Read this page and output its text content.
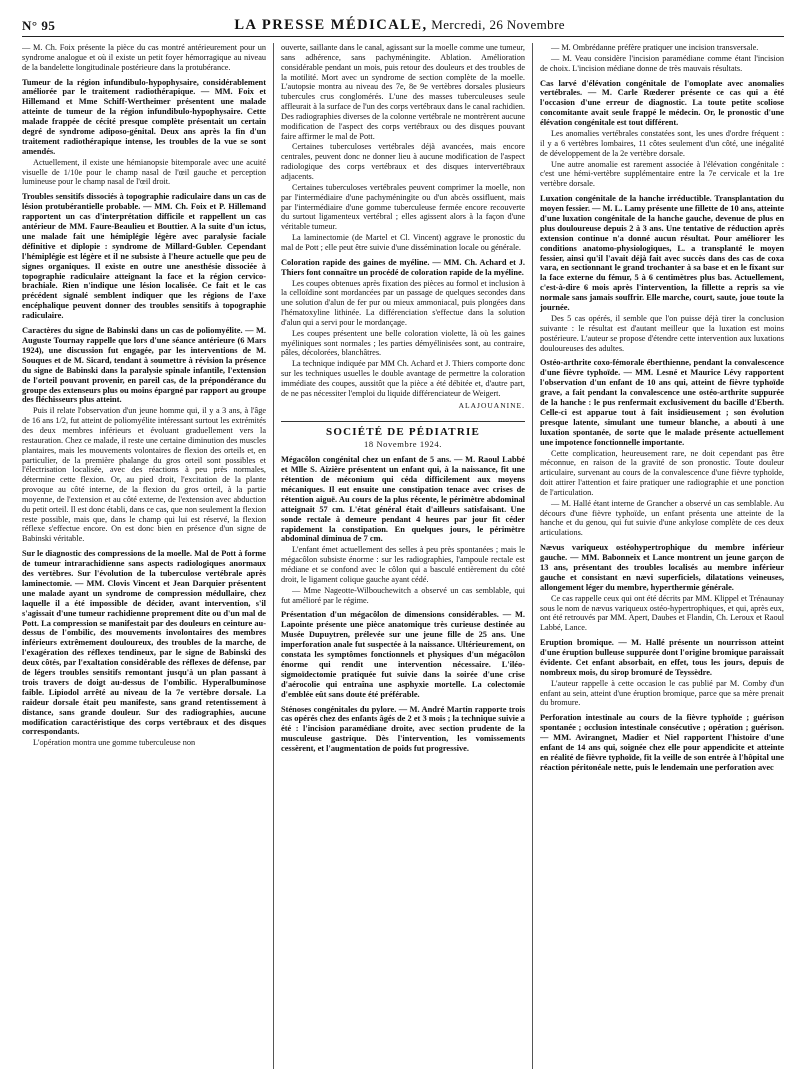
N° 95	LA PRESSE MÉDICALE, Mercredi, 26 Novembre

— M. Ch. Foix présente la pièce du cas montré antérieurement pour un syndrome analogue et où il existe un petit foyer hémorragique au niveau de la bandelette longitudinale postérieure dans la protubérance.

Tumeur de la région infundibulo-hypophysaire, considérablement améliorée par le traitement radiothérapique. — MM. Foix et Hillemand et Mme Schiff-Wertheimer présentent une malade atteinte de tumeur de la région infundibulo-hypophysaire. Cette malade frappée de cécité presque complète présentait un certain degré de syndrome adiposo-génital. Deux ans après la fin d'un traitement radiothérapique intense, les troubles de la vue se sont amendés.

Actuellement, il existe une hémianopsie bitemporale avec une acuité visuelle de 1/10e pour le champ nasal de l'œil gauche et perception lumineuse pour le champ nasal de l'œil droit.

Troubles sensitifs dissociés à topographie radiculaire dans un cas de lésion protubérantielle probable. — MM. Ch. Foix et P. Hillemand rapportent un cas d'interprétation difficile et rappellent un cas antérieur de MM. Faure-Beaulieu et Bouttier. A la suite d'un ictus, une malade fait une hémiplégie légère avec paralysie faciale définitive et diplopie : syndrome de Millard-Gubler. Cependant l'hémiplégie est légère et il ne subsiste à l'heure actuelle que peu de signes organiques. Il existe en outre une anesthésie dissociée à topographie radiculaire atteignant la face et la région cervico-brachiale. Rien n'indique une lésion localisée. Ce fait et le cas précédent signalé semblent indiquer que les régions de l'axe encéphalique peuvent donner des troubles sensitifs à topographie radiculaire.
Caractères du signe de Babinski dans un cas de poliomyélite. — M. Auguste Tournay rappelle que lors d'une séance antérieure (6 Mars 1924), une discussion fut engagée, par les interventions de M. Souques et de M. Sicard, tendant à soumettre à révision la présence du signe de Babinski dans la paralysie spinale infantile, l'extension de l'orteil pouvant provenir, en pareil cas, de la prépondérance du groupe des extenseurs plus ou moins épargné par rapport au groupe des fléchisseurs plus atteint.

Puis il relate l'observation d'un jeune homme qui, il y a 3 ans, à l'âge de 16 ans 1/2, fut atteint de poliomyélite intéressant surtout les extrémités des deux membres inférieurs et évoluant graduellement vers la restauration. Chez ce malade, il reste une certaine diminution des muscles plantaires, mais les mouvements volontaires de flexion des orteils et, en particulier, de la première phalange du gros orteil sont possibles et l'électrisation localisée, avec des réactions à peu près normales, détermine cette flexion. Or, au pied droit, l'excitation de la plante provoque au côté interne, de la flexion du gros orteil, à la partie moyenne, de l'extension et au côté externe, de l'extension avec abduction du petit orteil. Il est donc établi, dans ce cas, que non seulement la flexion reste possible, mais que, dans le champ qui lui est réservé, la flexion réflexe s'effectue encore. On est donc bien en présence d'un signe de Babinski véritable.

Sur le diagnostic des compressions de la moelle. Mal de Pott à forme de tumeur intrarachidienne sans aspects radiologiques anormaux des vertèbres. Sur l'évolution de la tuberculose vertébrale après laminectomie. — MM. Clovis Vincent et Jean Darquier présentent une malade ayant un syndrome de compression médullaire, chez laquelle il a été impossible de décider, avant intervention, s'il s'agissait d'une tumeur rachidienne proprement dite ou d'un mal de Pott. La compression se manifestait par des douleurs en ceinture au-dessus de l'ombilic, des mouvements involontaires des membres inférieurs extrêmement douloureux, des troubles de la marche, de l'exagération des réflexes tendineux, par le signe de Babinski des deux côtés, par l'exaltation considérable des réflexes de défense, par de légers troubles sensitifs remontant jusqu'à un plan passant à trois travers de doigt au-dessus de l'ombilic. Hyperalbuminose faible. Lipiodol arrêté au niveau de la 7e vertèbre dorsale. La raideur dorsale était peu manifeste, sans grand retentissement à distance, sans grande douleur. Sur des radiographies, aucune modification caractéristique des corps vertébraux et des disques correspondants.

L'opération montra une gomme tuberculeuse non

ouverte, saillante dans le canal, agissant sur la moelle comme une tumeur, sans adhérence, sans pachyméningite. Ablation. Amélioration considérable pendant un mois, puis retour des douleurs et des troubles de la motilité. Mort avec un syndrome de section complète de la moelle. L'autopsie montra au niveau des 7e, 8e 9e vertèbres dorsales plusieurs tubercules crus conglomérés. L'une des masses tuberculeuses seule affleurait à la surface de l'un des corps vertébraux dans le canal rachidien. Des radiographies diverses de la colonne vertébrale ne montrèrent aucune modification de l'aspect des corps vertébraux ou des disques pouvant faire affirmer le mal de Pott.

Certaines tuberculoses vertébrales déjà avancées, mais encore centrales, peuvent donc ne donner lieu à aucune modification de l'aspect radiologique des corps vertébraux et des disques intervertébraux adjacents.

Certaines tuberculoses vertébrales peuvent comprimer la moelle, non par l'intermédiaire d'une pachyméningite ou d'un abcès ossifluent, mais par l'intermédiaire d'une gomme tuberculeuse fermée encore recouverte du surtout ligamenteux vertébral ; elles agissent alors à la façon d'une véritable tumeur.

La laminectomie (de Martel et Cl. Vincent) aggrave le pronostic du mal de Pott ; elle peut être suivie d'une dissémination locale ou générale.

Coloration rapide des gaines de myéline. — MM. Ch. Achard et J. Thiers font connaître un procédé de coloration rapide de la myéline.

Les coupes obtenues après fixation des pièces au formol et inclusion à la celloïdine sont mordancées par un passage de quelques secondes dans une solution d'alun de fer pur ou mieux ammoniacal, puis plongées dans l'hématoxyline lithinée. La différenciation s'effectue dans la solution d'alun qui a servi pour le mordançage.

Les coupes présentent une belle coloration violette, là où les gaines myéliniques sont normales ; les parties démyélinisées sont, au contraire, pâles, décolorées, blanchâtres.

La technique indiquée par MM Ch. Achard et J. Thiers comporte donc sur les techniques usuelles le double avantage de permettre la coloration immédiate des coupes, aussitôt que la pièce a été débitée et, d'autre part, de ne pas nécessiter l'emploi du liquide différenciateur de Weigert.

ALAJOUANINE.
SOCIÉTÉ DE PÉDIATRIE
18 Novembre 1924.
Mégacôlon congénital chez un enfant de 5 ans. — M. Raoul Labbé et Mlle S. Aizière présentent un enfant qui, à la naissance, fit une rétention de méconium qui céda difficilement aux moyens mécaniques. Il eut ensuite une constipation tenace avec crises de rétention aiguë. Au cours de la plus récente, le périmètre abdominal atteignait 57 cm. L'état général était d'ailleurs satisfaisant. Une sonde rectale à demeure pendant 4 heures par jour fit céder rapidement la constipation. En quelques jours, le périmètre abdominal diminua de 7 cm.

L'enfant émet actuellement des selles à peu près spontanées ; mais le mégacôlon subsiste énorme : sur les radiographies, l'ampoule rectale est médiane et se confond avec le côlon qui a basculé entièrement du côté droit, le ligament colique gauche ayant cédé.

— Mme Nageotte-Wilbouchewitch a observé un cas semblable, qui fut amélioré par le régime.

Présentation d'un mégacôlon de dimensions considérables. — M. Lapointe présente une pièce anatomique très curieuse destinée au Musée Dupuytren, prélevée sur une jeune fille de 25 ans. Une imperforation anale fut suspectée à la naissance. Ultérieurement, on constata les symptômes fonctionnels et physiques d'un mégacôlon énorme qui rendit une intervention nécessaire. L'iléo-sigmoïdectomie pratiquée fut suivie dans la soirée d'une crise d'aérocolie qui entraîna une asphyxie mortelle. La colectomie d'emblée eût sans doute été préférable.
Sténoses congénitales du pylore. — M. André Martin rapporte trois cas opérés chez des enfants âgés de 2 et 3 mois ; la technique suivie a été : l'incision paramédiane droite, avec section prudente de la musculeuse gastrique. Dès l'intervention, les vomissements cessèrent, et l'augmentation de poids fut progressive.

— M. Ombrédanne préfère pratiquer une incision transversale.

— M. Veau considère l'incision paramédiane comme étant l'incision de choix. L'incision médiane donne de très mauvais résultats.

Cas larvé d'élévation congénitale de l'omoplate avec anomalies vertébrales. — M. Carle Rœderer présente ce cas qui a été l'occasion d'une erreur de diagnostic. La toute petite scoliose concomitante avait seule frappé le médecin. Or, le pronostic d'une élévation congénitale est tout différent.

Les anomalies vertébrales constatées sont, les unes d'ordre fréquent : il y a 6 vertèbres lombaires, 11 côtes seulement d'un côté, une inégalité de développement de la 2e vertèbre dorsale.

Une autre anomalie est rarement associée à l'élévation congénitale : c'est une hémi-vertèbre supplémentaire entre la 7e cervicale et la 1re vertèbre dorsale.

Luxation congénitale de la hanche irréductible. Transplantation du moyen fessier. — M. L. Lamy présente une fillette de 10 ans, atteinte d'une luxation congénitale de la hanche gauche, devenue de plus en plus douloureuse depuis 2 à 3 ans. Une tentative de réduction après extension continue n'a donné aucun résultat. Pour améliorer les conditions anatomo-physiologiques, L. a transplanté le moyen fessier, ainsi qu'il l'avait déjà fait avec succès dans des cas de coxa vara, en sectionnant le grand trochanter à sa base et en le fixant sur la face externe du fémur, 5 à 6 centimètres plus bas. Actuellement, c'est-à-dire 6 mois après l'intervention, la fillette a repris sa vie normale sans jamais souffrir. Elle marche, court, saute, joue toute la journée.

Des 5 cas opérés, il semble que l'on puisse déjà tirer la conclusion suivante : le résultat est d'autant meilleur que la luxation est moins postérieure. L'auteur se propose d'étendre cette intervention aux luxations douloureuses des adultes.

Ostéo-arthrite coxo-fémorale éberthienne, pendant la convalescence d'une fièvre typhoïde. — MM. Lesné et Maurice Lévy rapportent l'observation d'un enfant de 10 ans qui, atteint de fièvre typhoïde grave, a fait pendant la convalescence une ostéo-arthrite suppurée de la hanche : le pus renfermait exclusivement du bacille d'Eberth. Celle-ci est apparue tout à fait insidieusement ; son évolution presque latente, simulant une tumeur blanche, a abouti à une luxation spontanée, de sorte que le malade présente actuellement une impotence fonctionnelle importante.

Cette complication, heureusement rare, ne doit cependant pas être méconnue, en raison de la gravité de son pronostic. Toute douleur articulaire, survenant au cours de la convalescence d'une fièvre typhoïde, doit attirer l'attention et faire pratiquer une radiographie et une ponction de l'articulation.

— M. Hallé étant interne de Grancher a observé un cas semblable. Au décours d'une fièvre typhoïde, un enfant présenta une atteinte de la hanche et du genou, qui fut suivie d'une ankylose complète de ces deux articulations.

Nævus variqueux ostéohypertrophique du membre inférieur gauche. — MM. Babonneix et Lance montrent un jeune garçon de 13 ans, présentant des troubles localisés au membre inférieur gauche et consistant en nævi superficiels, dilatations veineuses, allongement léger du membre, hyperthermie générale.

Ce cas rappelle ceux qui ont été décrits par MM. Klippel et Trénaunay sous le nom de nævus variqueux ostéo-hypertrophiques, et qui, après eux, ont été retrouvés par MM. Apert, Daubes et Flandin, Ch. Leroux et Raoul Labbé, Lance.

Eruption bromique. — M. Hallé présente un nourrisson atteint d'une éruption bulleuse suppurée dont l'origine bromique paraissait évidente. Cet enfant absorbait, en effet, tous les jours, depuis de nombreux mois, du sirop bromuré de Teyssèdre.

L'auteur rappelle à cette occasion le cas publié par M. Comby d'un enfant au sein, atteint d'une éruption bromique, parce que sa mère prenait du bromure.

Perforation intestinale au cours de la fièvre typhoïde ; guérison spontanée ; occlusion intestinale consécutive ; opération ; guérison. — MM. Avirangnet, Madier et Niel rapportent l'histoire d'une enfant de 14 ans qui, soignée chez elle pour appendicite et atteinte en réalité de fièvre typhoïde, fit la veille de son entrée à l'hôpital une réaction péritonéale nette, puis le lendemain une perforation avec
